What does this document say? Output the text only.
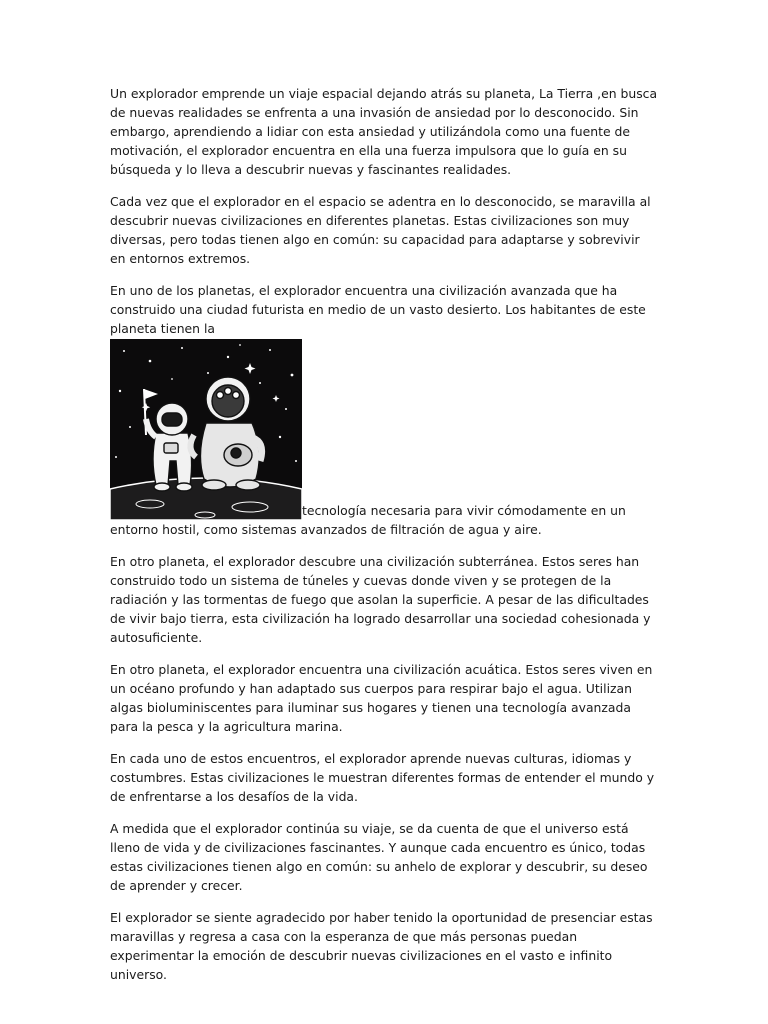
Un explorador emprende un viaje espacial dejando atrás su planeta, La Tierra ,en busca de nuevas realidades se enfrenta a una invasión de ansiedad por lo desconocido. Sin embargo, aprendiendo a lidiar con esta ansiedad y utilizándola como una fuente de motivación, el explorador encuentra en ella una fuerza impulsora que lo guía en su búsqueda y lo lleva a descubrir nuevas y fascinantes realidades.

Cada vez que el explorador en el espacio se adentra en lo desconocido, se maravilla al descubrir nuevas civilizaciones en diferentes planetas. Estas civilizaciones son muy diversas, pero todas tienen algo en común: su capacidad para adaptarse y sobrevivir en entornos extremos.

En uno de los planetas, el explorador encuentra una civilización avanzada que ha construido una ciudad futurista en medio de un vasto desierto. Los habitantes de este planeta tienen la

tecnología necesaria para vivir cómodamente en un entorno hostil, como sistemas avanzados de filtración de agua y aire.

En otro planeta, el explorador descubre una civilización subterránea. Estos seres han construido todo un sistema de túneles y cuevas donde viven y se protegen de la radiación y las tormentas de fuego que asolan la superficie. A pesar de las dificultades de vivir bajo tierra, esta civilización ha logrado desarrollar una sociedad cohesionada y autosuficiente.

En otro planeta, el explorador encuentra una civilización acuática. Estos seres viven en un océano profundo y han adaptado sus cuerpos para respirar bajo el agua. Utilizan algas bioluminiscentes para iluminar sus hogares y tienen una tecnología avanzada para la pesca y la agricultura marina.

En cada uno de estos encuentros, el explorador aprende nuevas culturas, idiomas y costumbres. Estas civilizaciones le muestran diferentes formas de entender el mundo y de enfrentarse a los desafíos de la vida.

A medida que el explorador continúa su viaje, se da cuenta de que el universo está lleno de vida y de civilizaciones fascinantes. Y aunque cada encuentro es único, todas estas civilizaciones tienen algo en común: su anhelo de explorar y descubrir, su deseo de aprender y crecer.

El explorador se siente agradecido por haber tenido la oportunidad de presenciar estas maravillas y regresa a casa con la esperanza de que más personas puedan experimentar la emoción de descubrir nuevas civilizaciones en el vasto e infinito universo.
